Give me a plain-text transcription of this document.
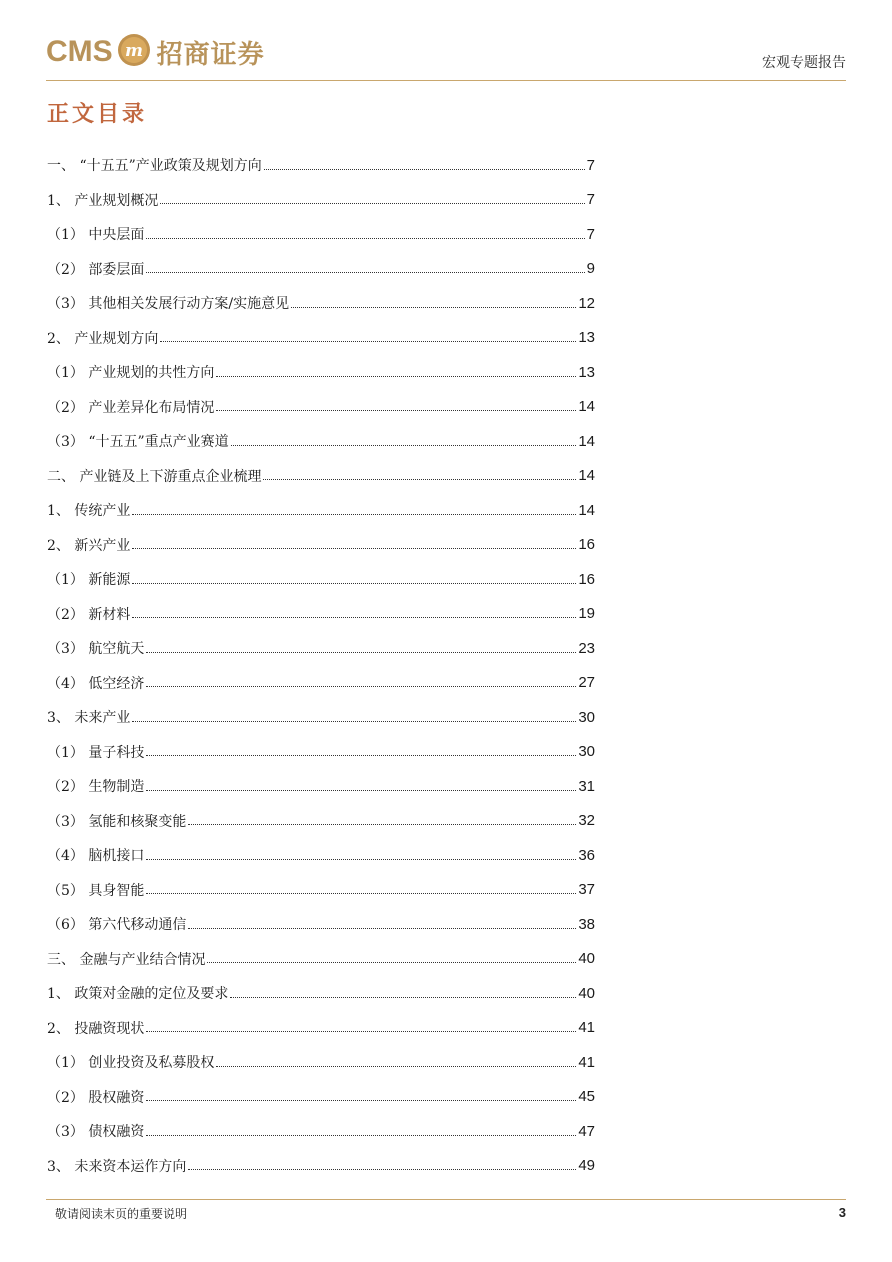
CMS m 招商证券	宏观专题报告
正文目录
一、 “十五五”产业政策及规划方向	7
1、 产业规划概况	7
（1） 中央层面	7
（2） 部委层面	9
（3） 其他相关发展行动方案/实施意见	12
2、 产业规划方向	13
（1） 产业规划的共性方向	13
（2） 产业差异化布局情况	14
（3） “十五五”重点产业赛道	14
二、 产业链及上下游重点企业梳理	14
1、 传统产业	14
2、 新兴产业	16
（1） 新能源	16
（2） 新材料	19
（3） 航空航天	23
（4） 低空经济	27
3、 未来产业	30
（1） 量子科技	30
（2） 生物制造	31
（3） 氢能和核聚变能	32
（4） 脑机接口	36
（5） 具身智能	37
（6） 第六代移动通信	38
三、 金融与产业结合情况	40
1、 政策对金融的定位及要求	40
2、 投融资现状	41
（1） 创业投资及私募股权	41
（2） 股权融资	45
（3） 债权融资	47
3、 未来资本运作方向	49
敬请阅读末页的重要说明	3
